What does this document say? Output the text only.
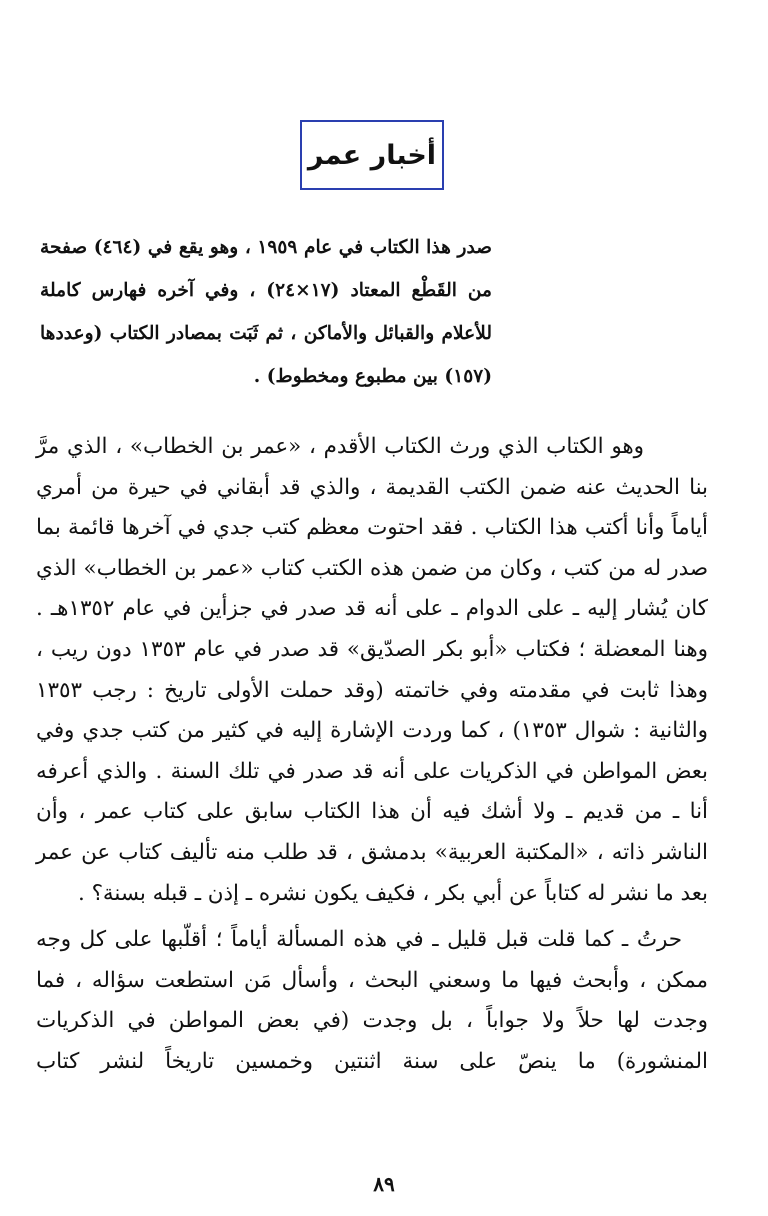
أخبار عمر

صدر هذا الكتاب في عام ١٩٥٩ ، وهو يقع في (٤٦٤) صفحة من القَطْع المعتاد (١٧×٢٤) ، وفي آخره فهارس كاملة للأعلام والقبائل والأماكن ، ثم ثَبَت بمصادر الكتاب (وعددها (١٥٧) بين مطبوع ومخطوط) .

وهو الكتاب الذي ورث الكتاب الأقدم ، «عمر بن الخطاب» ، الذي مرَّ بنا الحديث عنه ضمن الكتب القديمة ، والذي قد أبقاني في حيرة من أمري أياماً وأنا أكتب هذا الكتاب . فقد احتوت معظم كتب جدي في آخرها قائمة بما صدر له من كتب ، وكان من ضمن هذه الكتب كتاب «عمر بن الخطاب» الذي كان يُشار إليه ـ على الدوام ـ على أنه قد صدر في جزأين في عام ١٣٥٢هـ . وهنا المعضلة ؛ فكتاب «أبو بكر الصدّيق» قد صدر في عام ١٣٥٣ دون ريب ، وهذا ثابت في مقدمته وفي خاتمته (وقد حملت الأولى تاريخ : رجب ١٣٥٣ والثانية : شوال ١٣٥٣) ، كما وردت الإشارة إليه في كثير من كتب جدي وفي بعض المواطن في الذكريات على أنه قد صدر في تلك السنة . والذي أعرفه أنا ـ من قديم ـ ولا أشك فيه أن هذا الكتاب سابق على كتاب عمر ، وأن الناشر ذاته ، «المكتبة العربية» بدمشق ، قد طلب منه تأليف كتاب عن عمر بعد ما نشر له كتاباً عن أبي بكر ، فكيف يكون نشره ـ إذن ـ قبله بسنة؟ .

حرتُ ـ كما قلت قبل قليل ـ في هذه المسألة أياماً ؛ أقلّبها على كل وجه ممكن ، وأبحث فيها ما وسعني البحث ، وأسأل مَن استطعت سؤاله ، فما وجدت لها حلاً ولا جواباً ، بل وجدت (في بعض المواطن في الذكريات المنشورة) ما ينصّ على سنة اثنتين وخمسين تاريخاً لنشر كتاب

٨٩
